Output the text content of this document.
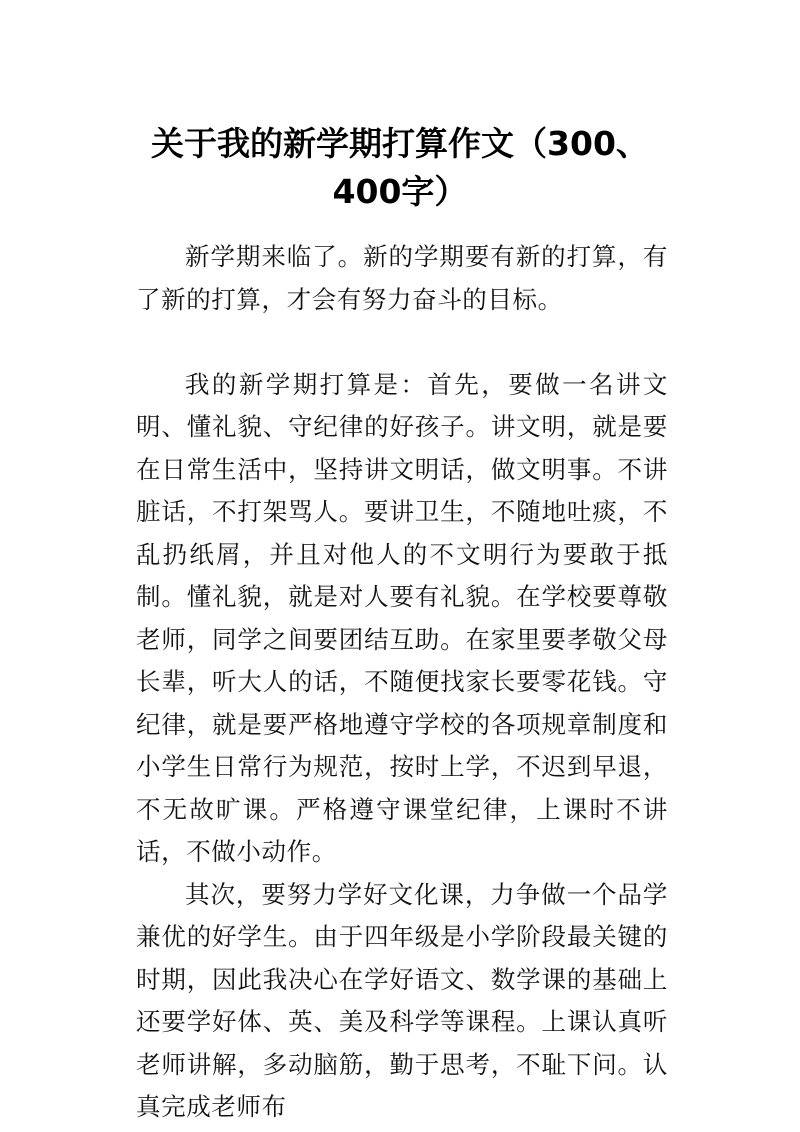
关于我的新学期打算作文（300、400字）

新学期来临了。新的学期要有新的打算，有了新的打算，才会有努力奋斗的目标。

我的新学期打算是：首先，要做一名讲文明、懂礼貌、守纪律的好孩子。讲文明，就是要在日常生活中，坚持讲文明话，做文明事。不讲脏话，不打架骂人。要讲卫生，不随地吐痰，不乱扔纸屑，并且对他人的不文明行为要敢于抵制。懂礼貌，就是对人要有礼貌。在学校要尊敬老师，同学之间要团结互助。在家里要孝敬父母长辈，听大人的话，不随便找家长要零花钱。守纪律，就是要严格地遵守学校的各项规章制度和小学生日常行为规范，按时上学，不迟到早退，不无故旷课。严格遵守课堂纪律，上课时不讲话，不做小动作。

其次，要努力学好文化课，力争做一个品学兼优的好学生。由于四年级是小学阶段最关键的时期，因此我决心在学好语文、数学课的基础上还要学好体、英、美及科学等课程。上课认真听老师讲解，多动脑筋，勤于思考，不耻下问。认真完成老师布
